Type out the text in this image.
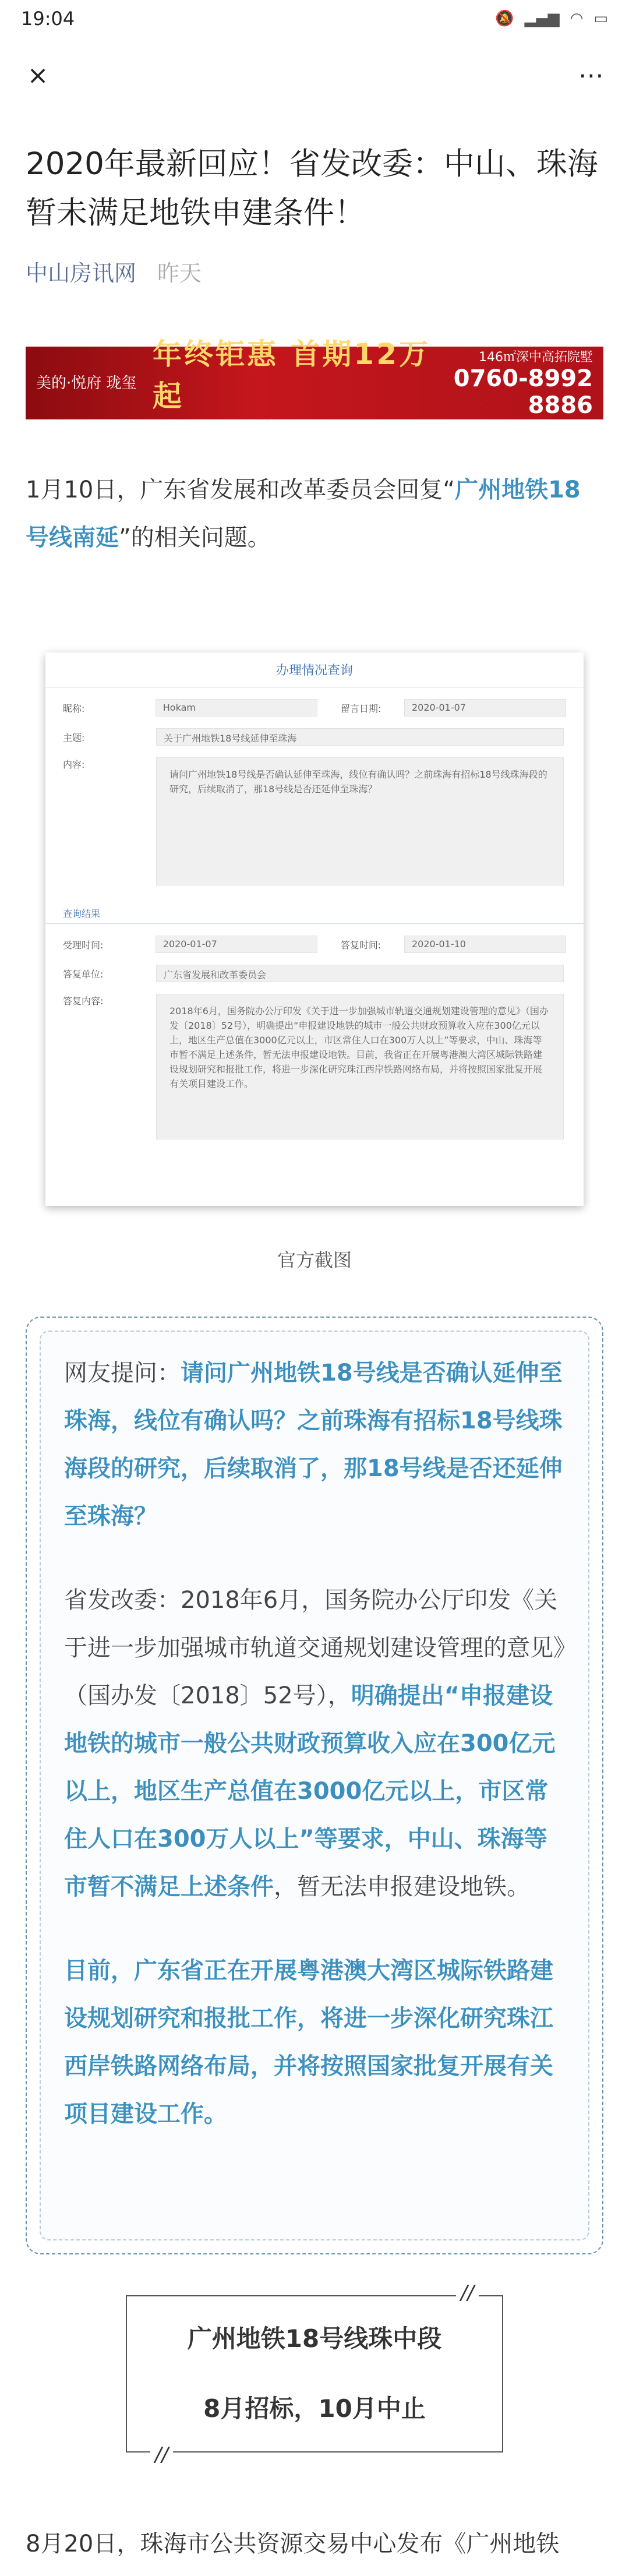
19:04	🔕 ▂▄▆ ◠ ▭
×	⋯
2020年最新回应！省发改委：中山、珠海暂未满足地铁申建条件！
中山房讯网 昨天
美的·悦府 珑玺
年终钜惠 首期12万起
92~120㎡临江低密智慧美宅
146㎡深中高拓院墅
0760-8992 8886
1月10日，广东省发展和改革委员会回复“广州地铁18号线南延”的相关问题。
办理情况查询
昵称:	Hokam	留言日期:	2020-01-07
主题:	关于广州地铁18号线延伸至珠海
内容:
请问广州地铁18号线是否确认延伸至珠海，线位有确认吗？之前珠海有招标18号线珠海段的研究，后续取消了，那18号线是否还延伸至珠海？
查询结果
受理时间:	2020-01-07	答复时间:	2020-01-10
答复单位:	广东省发展和改革委员会
答复内容:
2018年6月，国务院办公厅印发《关于进一步加强城市轨道交通规划建设管理的意见》（国办发〔2018〕52号），明确提出“申报建设地铁的城市一般公共财政预算收入应在300亿元以上，地区生产总值在3000亿元以上，市区常住人口在300万人以上”等要求，中山、珠海等市暂不满足上述条件，暂无法申报建设地铁。目前，我省正在开展粤港澳大湾区城际铁路建设规划研究和报批工作，将进一步深化研究珠江西岸铁路网络布局，并将按照国家批复开展有关项目建设工作。
官方截图

网友提问：请问广州地铁18号线是否确认延伸至珠海，线位有确认吗？之前珠海有招标18号线珠海段的研究，后续取消了，那18号线是否还延伸至珠海？

省发改委：2018年6月，国务院办公厅印发《关于进一步加强城市轨道交通规划建设管理的意见》（国办发〔2018〕52号），明确提出“申报建设地铁的城市一般公共财政预算收入应在300亿元以上，地区生产总值在3000亿元以上，市区常住人口在300万人以上”等要求，中山、珠海等市暂不满足上述条件，暂无法申报建设地铁。

目前，广东省正在开展粤港澳大湾区城际铁路建设规划研究和报批工作，将进一步深化研究珠江西岸铁路网络布局，并将按照国家批复开展有关项目建设工作。

//
广州地铁18号线珠中段
8月招标，10月中止
//
8月20日，珠海市公共资源交易中心发布《广州地铁
